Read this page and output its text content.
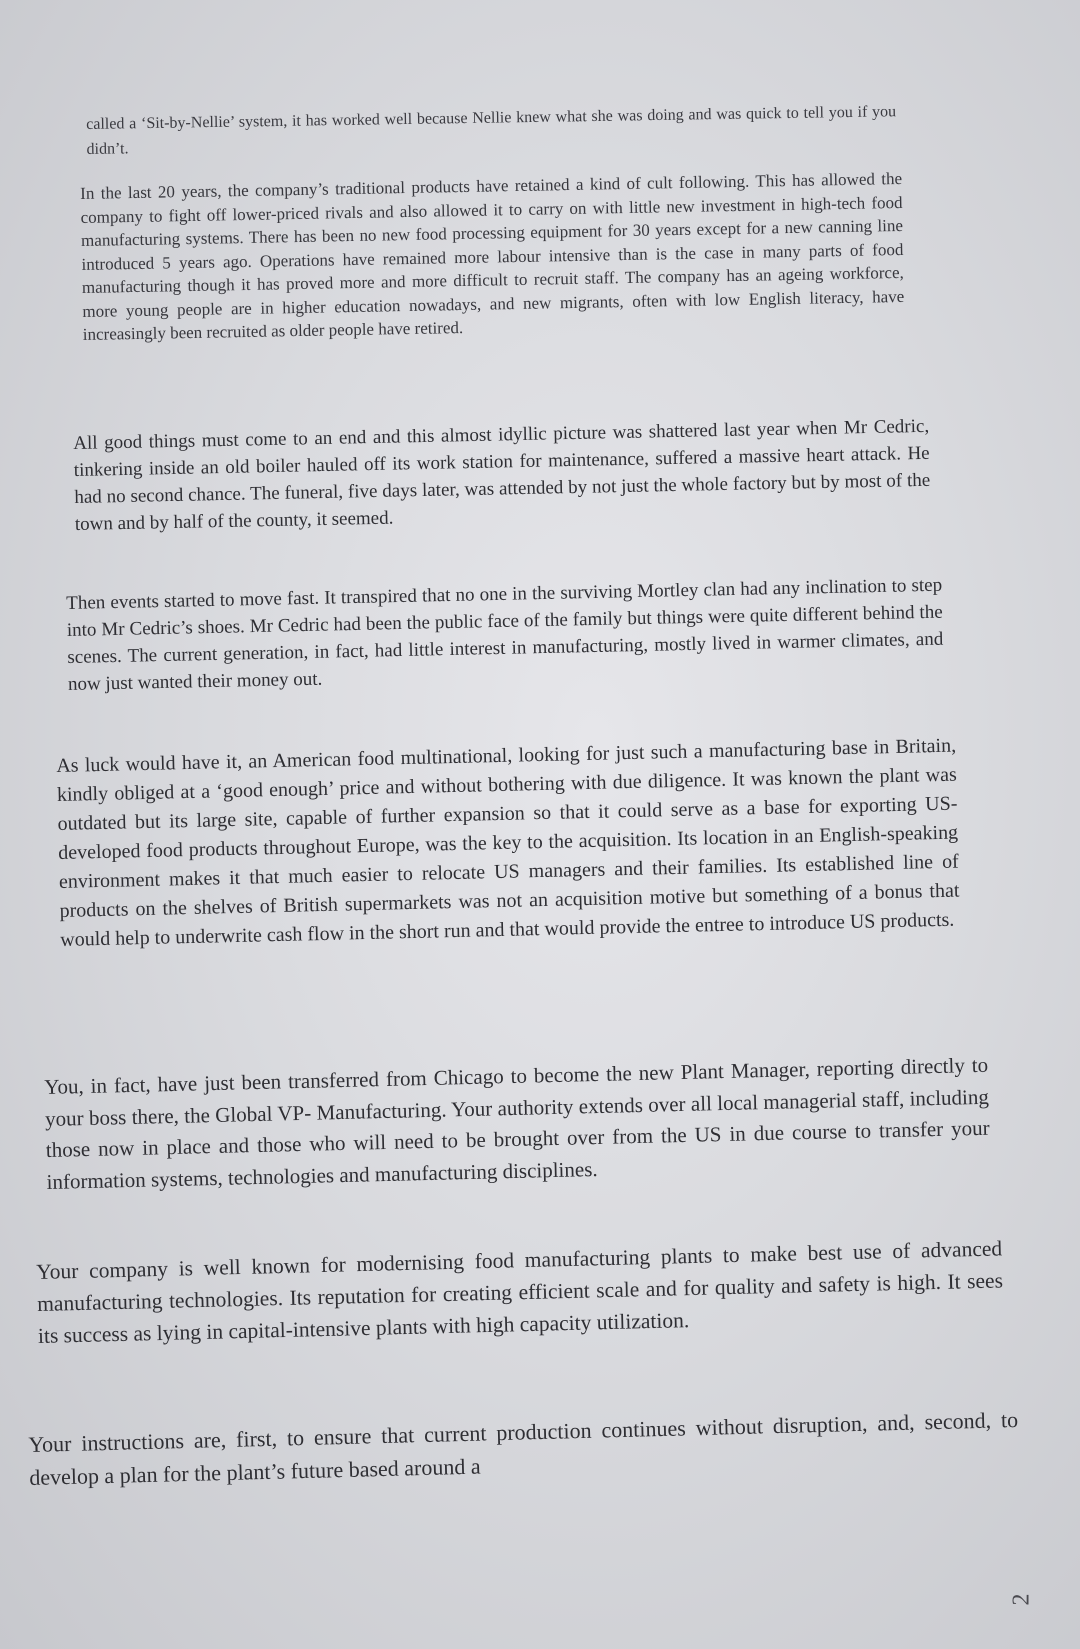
called a ‘Sit-by-Nellie’ system, it has worked well because Nellie knew what she was doing and was quick to tell you if you didn’t.

In the last 20 years, the company’s traditional products have retained a kind of cult following. This has allowed the company to fight off lower-priced rivals and also allowed it to carry on with little new investment in high-tech food manufacturing systems. There has been no new food processing equipment for 30 years except for a new canning line introduced 5 years ago. Operations have remained more labour intensive than is the case in many parts of food manufacturing though it has proved more and more difficult to recruit staff. The company has an ageing workforce, more young people are in higher education nowadays, and new migrants, often with low English literacy, have increasingly been recruited as older people have retired.

All good things must come to an end and this almost idyllic picture was shattered last year when Mr Cedric, tinkering inside an old boiler hauled off its work station for maintenance, suffered a massive heart attack. He had no second chance. The funeral, five days later, was attended by not just the whole factory but by most of the town and by half of the county, it seemed.

Then events started to move fast. It transpired that no one in the surviving Mortley clan had any inclination to step into Mr Cedric’s shoes. Mr Cedric had been the public face of the family but things were quite different behind the scenes. The current generation, in fact, had little interest in manufacturing, mostly lived in warmer climates, and now just wanted their money out.

As luck would have it, an American food multinational, looking for just such a manufacturing base in Britain, kindly obliged at a ‘good enough’ price and without bothering with due diligence. It was known the plant was outdated but its large site, capable of further expansion so that it could serve as a base for exporting US-developed food products throughout Europe, was the key to the acquisition. Its location in an English-speaking environment makes it that much easier to relocate US managers and their families. Its established line of products on the shelves of British supermarkets was not an acquisition motive but something of a bonus that would help to underwrite cash flow in the short run and that would provide the entree to introduce US products.

You, in fact, have just been transferred from Chicago to become the new Plant Manager, reporting directly to your boss there, the Global VP- Manufacturing. Your authority extends over all local managerial staff, including those now in place and those who will need to be brought over from the US in due course to transfer your information systems, technologies and manufacturing disciplines.

Your company is well known for modernising food manufacturing plants to make best use of advanced manufacturing technologies. Its reputation for creating efficient scale and for quality and safety is high. It sees its success as lying in capital-intensive plants with high capacity utilization.

Your instructions are, first, to ensure that current production continues without disruption, and, second, to develop a plan for the plant’s future based around a

2
